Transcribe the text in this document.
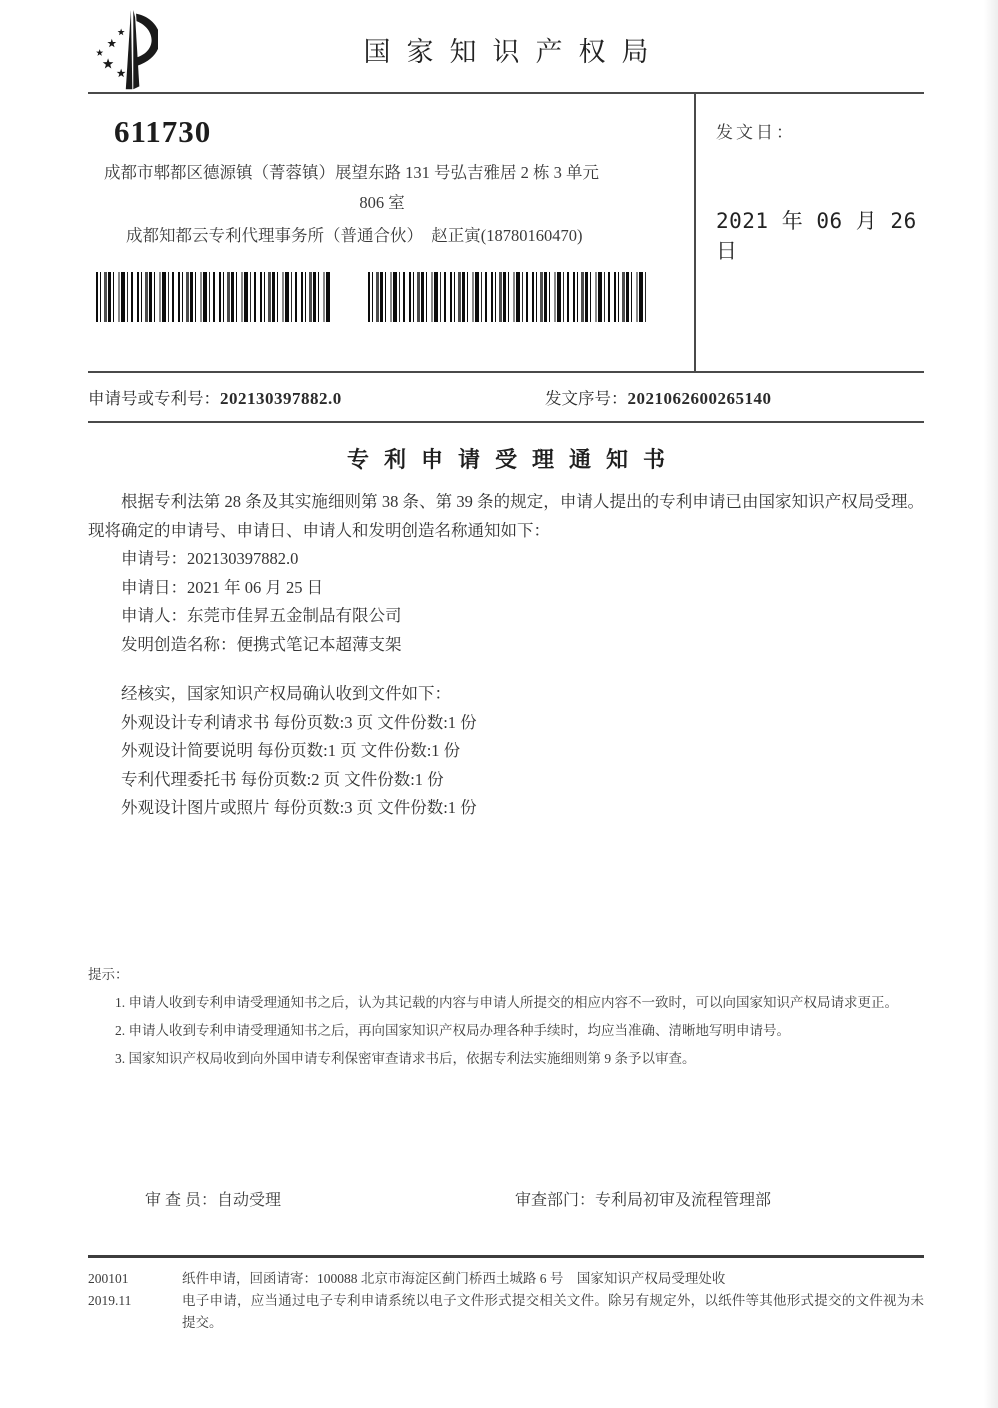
国家知识产权局
611730
成都市郫都区德源镇（菁蓉镇）展望东路 131 号弘吉雅居 2 栋 3 单元
806 室
成都知都云专利代理事务所（普通合伙）　赵正寅(18780160470)
发文日：
2021 年 06 月 26 日
申请号或专利号：202130397882.0	发文序号：2021062600265140
专利申请受理通知书

根据专利法第 28 条及其实施细则第 38 条、第 39 条的规定，申请人提出的专利申请已由国家知识产权局受理。现将确定的申请号、申请日、申请人和发明创造名称通知如下：

申请号：202130397882.0
申请日：2021 年 06 月 25 日
申请人：东莞市佳昇五金制品有限公司
发明创造名称：便携式笔记本超薄支架
经核实，国家知识产权局确认收到文件如下：
外观设计专利请求书 每份页数:3 页 文件份数:1 份
外观设计简要说明 每份页数:1 页 文件份数:1 份
专利代理委托书 每份页数:2 页 文件份数:1 份
外观设计图片或照片 每份页数:3 页 文件份数:1 份
提示：

1. 申请人收到专利申请受理通知书之后，认为其记载的内容与申请人所提交的相应内容不一致时，可以向国家知识产权局请求更正。

2. 申请人收到专利申请受理通知书之后，再向国家知识产权局办理各种手续时，均应当准确、清晰地写明申请号。

3. 国家知识产权局收到向外国申请专利保密审查请求书后，依据专利法实施细则第 9 条予以审查。

审 查 员：自动受理	审查部门：专利局初审及流程管理部
200101
2019.11
纸件申请，回函请寄：100088 北京市海淀区蓟门桥西土城路 6 号　国家知识产权局受理处收
电子申请，应当通过电子专利申请系统以电子文件形式提交相关文件。除另有规定外，以纸件等其他形式提交的文件视为未提交。
